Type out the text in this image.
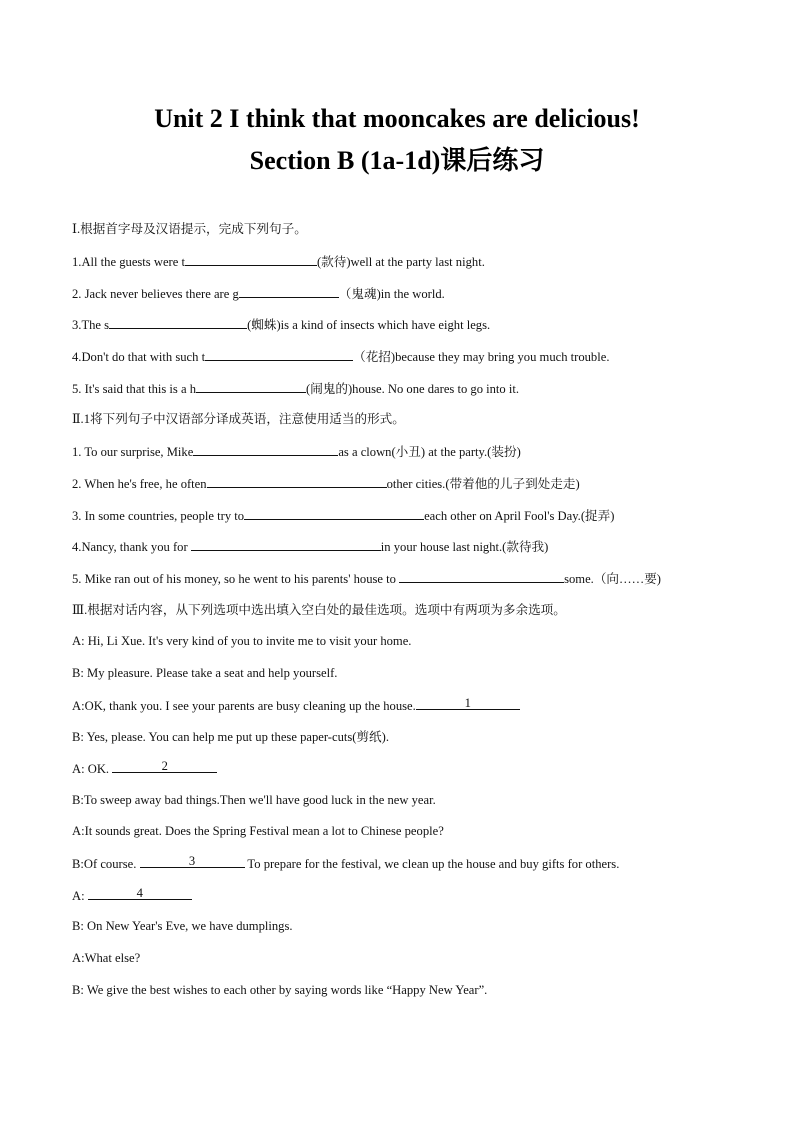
Unit 2 I think that mooncakes are delicious!
Section B (1a-1d)课后练习
Ⅰ.根据首字母及汉语提示，完成下列句子。
1.All the guests were t	(款待)well at the party last night.
2. Jack never believes there are g	（鬼魂)in the world.
3.The s	(蜘蛛)is a kind of insects which have eight legs.
4.Don't do that with such t	（花招)because they may bring you much trouble.
5. It's said that this is a h	(闹鬼的)house. No one dares to go into it.
Ⅱ.1将下列句子中汉语部分译成英语，注意使用适当的形式。
1. To our surprise, Mike	as a clown(小丑) at the party.(装扮)
2. When he's free, he often	other cities.(带着他的儿子到处走走)
3. In some countries, people try to	each other on April Fool's Day.(捉弄)
4.Nancy, thank you for	in your house last night.(款待我)
5. Mike ran out of his money, so he went to his parents' house to	some.（向……要)
Ⅲ.根据对话内容，从下列选项中选出填入空白处的最佳选项。选项中有两项为多余选项。
A: Hi, Li Xue. It's very kind of you to invite me to visit your home.
B: My pleasure. Please take a seat and help yourself.
A:OK, thank you. I see your parents are busy cleaning up the house.	1
B: Yes, please. You can help me put up these paper-cuts(剪纸).
A: OK.	2
B:To sweep away bad things.Then we'll have good luck in the new year.
A:It sounds great. Does the Spring Festival mean a lot to Chinese people?
B:Of course.	3	To prepare for the festival, we clean up the house and buy gifts for others.
A:	4
B: On New Year's Eve, we have dumplings.
A:What else?
B: We give the best wishes to each other by saying words like “Happy New Year”.
